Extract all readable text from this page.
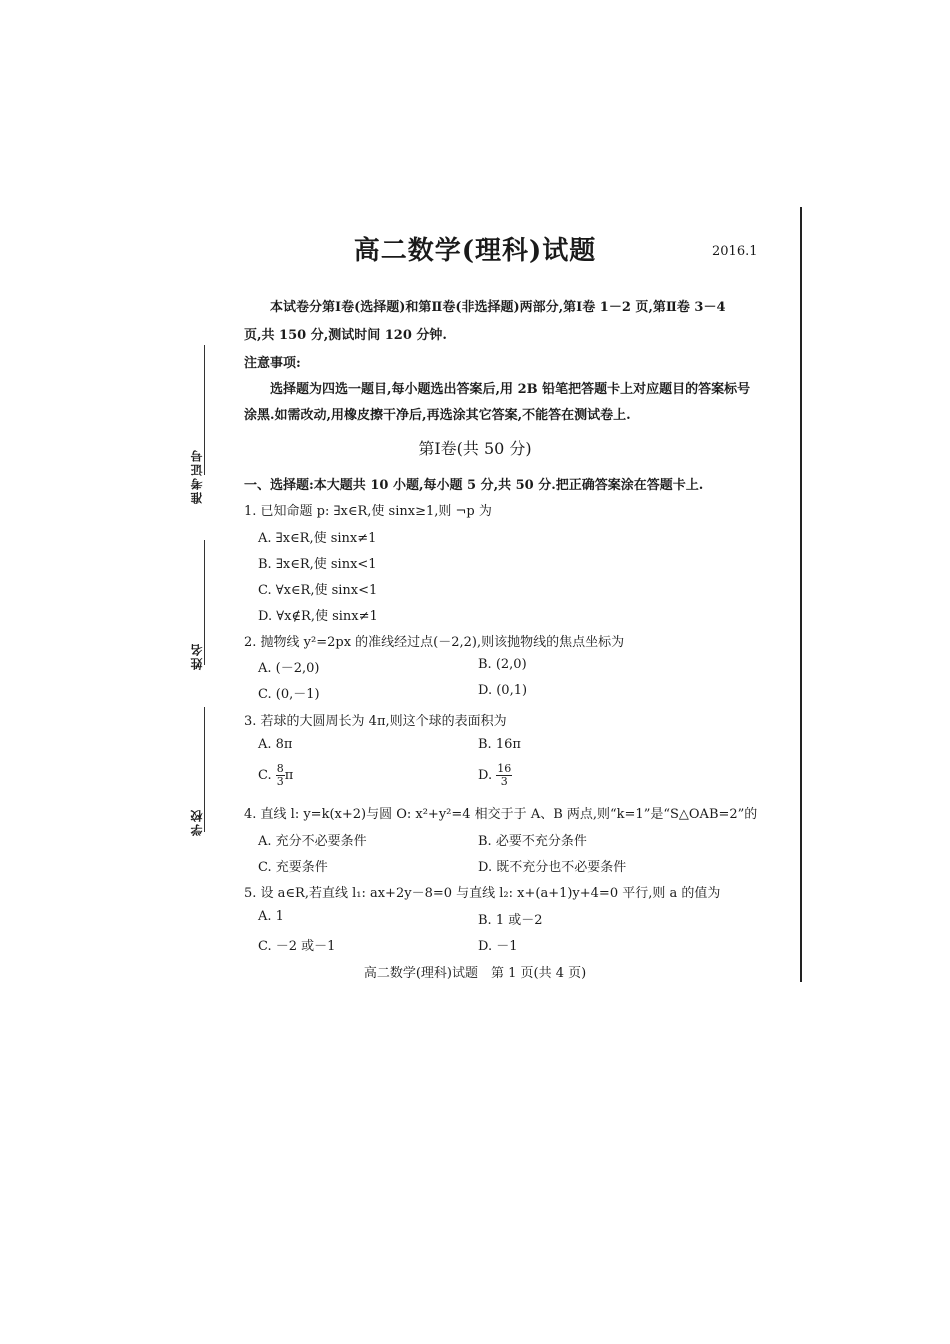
准考证号
姓名
学校
高二数学(理科)试题	2016.1
本试卷分第Ⅰ卷(选择题)和第Ⅱ卷(非选择题)两部分,第Ⅰ卷 1－2 页,第Ⅱ卷 3－4
页,共 150 分,测试时间 120 分钟.
注意事项:
选择题为四选一题目,每小题选出答案后,用 2B 铅笔把答题卡上对应题目的答案标号
涂黑.如需改动,用橡皮擦干净后,再选涂其它答案,不能答在测试卷上.
第Ⅰ卷(共 50 分)
一、选择题:本大题共 10 小题,每小题 5 分,共 50 分.把正确答案涂在答题卡上.
1. 已知命题 p: ∃x∈R,使 sinx≥1,则 ¬p 为
A. ∃x∈R,使 sinx≠1
B. ∃x∈R,使 sinx<1
C. ∀x∈R,使 sinx<1
D. ∀x∉R,使 sinx≠1
2. 抛物线 y²=2px 的准线经过点(－2,2),则该抛物线的焦点坐标为
A. (－2,0)	B. (2,0)
C. (0,－1)	D. (0,1)
3. 若球的大圆周长为 4π,则这个球的表面积为
A. 8π	B. 16π
C. $\frac{8}{3}$ π	D. $\frac{16}{3}$
4. 直线 l: y=k(x+2)与圆 O: x²+y²=4 相交于于 A、B 两点,则“k=1”是“S△OAB=2”的
A. 充分不必要条件	B. 必要不充分条件
C. 充要条件	D. 既不充分也不必要条件
5. 设 a∈R,若直线 l₁: ax+2y－8=0 与直线 l₂: x+(a+1)y+4=0 平行,则 a 的值为
A. 1	B. 1 或－2
C. －2 或－1	D. －1
高二数学(理科)试题　第 1 页(共 4 页)
